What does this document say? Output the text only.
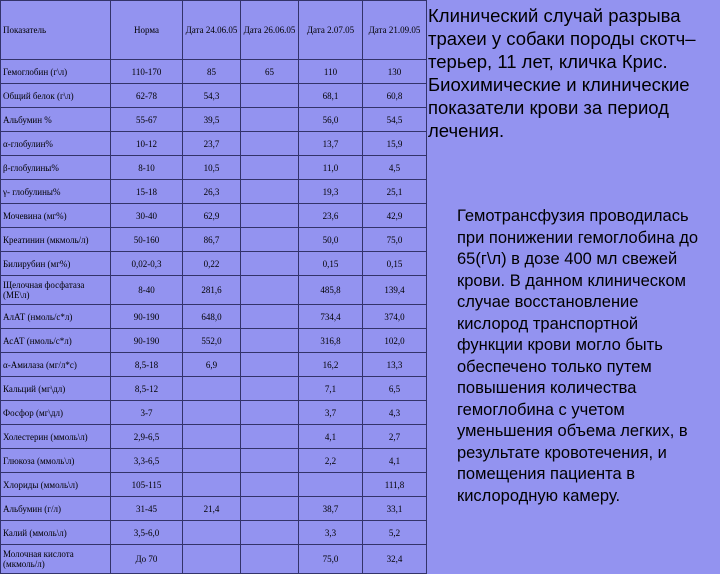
Показатель	Норма	Дата 24.06.05	Дата 26.06.05	Дата 2.07.05	Дата 21.09.05
Гемоглобин (г\л)	110-170	85	65	110	130
Общий белок (г\л)	62-78	54,3		68,1	60,8
Альбумин %	55-67	39,5		56,0	54,5
α-глобулин%	10-12	23,7		13,7	15,9
β-глобулины%	8-10	10,5		11,0	4,5
γ- глобулины%	15-18	26,3		19,3	25,1
Мочевина (мг%)	30-40	62,9		23,6	42,9
Креатинин (мкмоль/л)	50-160	86,7		50,0	75,0
Билирубин (мг%)	0,02-0,3	0,22		0,15	0,15
Щелочная фосфатаза (МЕ\л)	8-40	281,6		485,8	139,4
АлАТ (нмоль/с*л)	90-190	648,0		734,4	374,0
АсАТ (нмоль/с*л)	90-190	552,0		316,8	102,0
α-Амилаза (мг/л*с)	8,5-18	6,9		16,2	13,3
Кальций (мг\дл)	8,5-12			7,1	6,5
Фосфор (мг\дл)	3-7			3,7	4,3
Холестерин (ммоль\л)	2,9-6,5			4,1	2,7
Глюкоза (ммоль\л)	3,3-6,5			2,2	4,1
Хлориды (ммоль\л)	105-115				111,8
Альбумин (г/л)	31-45	21,4		38,7	33,1
Калий (ммоль\л)	3,5-6,0			3,3	5,2
Молочная кислота (мкмоль/л)	До 70			75,0	32,4

Клинический случай разрыва трахеи у собаки породы скотч–терьер, 11 лет, кличка Крис. Биохимические и клинические показатели крови за период лечения.

Гемотрансфузия проводилась
при понижении гемоглобина до
65(г\л) в дозе 400 мл свежей
крови. В данном клиническом
случае восстановление
кислород транспортной
функции крови могло быть
обеспечено только путем
повышения количества
гемоглобина с учетом
уменьшения объема легких, в
результате кровотечения, и
помещения пациента в
кислородную камеру.
